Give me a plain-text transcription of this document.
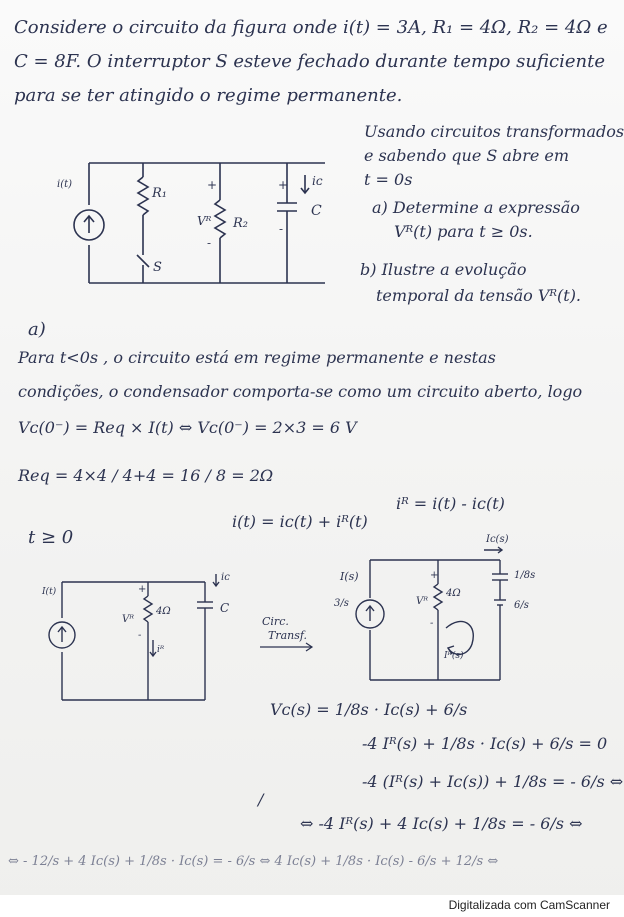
Considere o circuito da figura onde i(t) = 3A, R₁ = 4Ω, R₂ = 4Ω e
C = 8F. O interruptor S esteve fechado durante tempo suficiente
para se ter atingido o regime permanente.
Usando circuitos transformados
e sabendo que S abre em
t = 0s
a) Determine a expressão
Vᴿ(t) para t ≥ 0s.
b) Ilustre a evolução
temporal da tensão Vᴿ(t).
i(t)
R₁
S
+
Vᴿ R₂
-
+
-
iᴄ
C
a)
Para t<0s , o circuito está em regime permanente e nestas
condições, o condensador comporta-se como um circuito aberto, logo
Vᴄ(0⁻) = Req × I(t) ⇔ Vᴄ(0⁻) = 2×3 = 6 V
Req = 4×4 / 4+4 = 16 / 8 = 2Ω
iᴿ = i(t) - iᴄ(t)
i(t) = iᴄ(t) + iᴿ(t)
t ≥ 0
I(t)	+
Vᴿ
4Ω
-
iᴿ
iᴄ
C
Circ.
Transf.
I(s)
3/s
+
Vᴿ
4Ω
-
Iᴿ(s)
Iᴄ(s)
1/8s
6/s
Vᴄ(s) = 1/8s · Iᴄ(s) + 6/s
-4 Iᴿ(s) + 1/8s · Iᴄ(s) + 6/s = 0
-4 (Iᴿ(s) + Iᴄ(s)) + 1/8s = - 6/s ⇔
/
⇔ -4 Iᴿ(s) + 4 Iᴄ(s) + 1/8s = - 6/s ⇔
⇔ - 12/s + 4 Iᴄ(s) + 1/8s · Iᴄ(s) = - 6/s ⇔ 4 Iᴄ(s) + 1/8s · Iᴄ(s) - 6/s + 12/s ⇔
Digitalizada com CamScanner
